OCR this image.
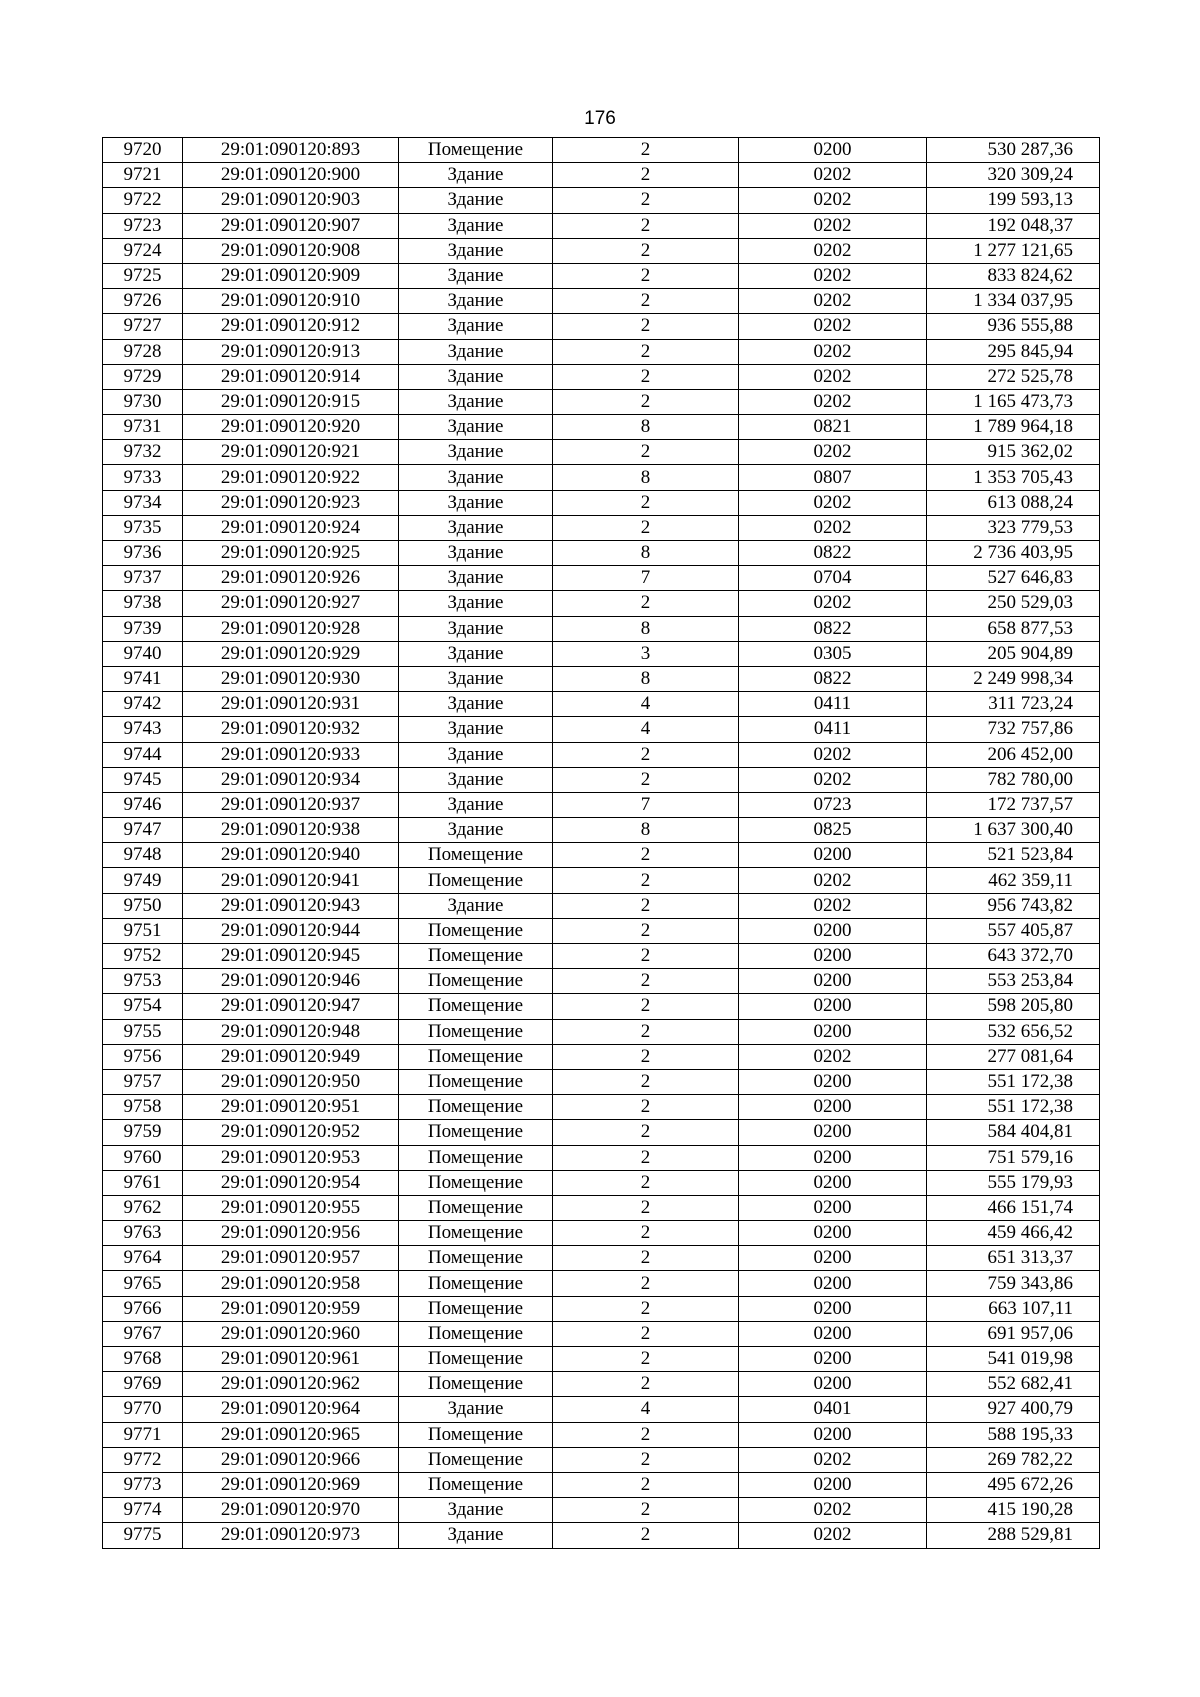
176
9720	29:01:090120:893	Помещение	2	0200	530 287,36
9721	29:01:090120:900	Здание	2	0202	320 309,24
9722	29:01:090120:903	Здание	2	0202	199 593,13
9723	29:01:090120:907	Здание	2	0202	192 048,37
9724	29:01:090120:908	Здание	2	0202	1 277 121,65
9725	29:01:090120:909	Здание	2	0202	833 824,62
9726	29:01:090120:910	Здание	2	0202	1 334 037,95
9727	29:01:090120:912	Здание	2	0202	936 555,88
9728	29:01:090120:913	Здание	2	0202	295 845,94
9729	29:01:090120:914	Здание	2	0202	272 525,78
9730	29:01:090120:915	Здание	2	0202	1 165 473,73
9731	29:01:090120:920	Здание	8	0821	1 789 964,18
9732	29:01:090120:921	Здание	2	0202	915 362,02
9733	29:01:090120:922	Здание	8	0807	1 353 705,43
9734	29:01:090120:923	Здание	2	0202	613 088,24
9735	29:01:090120:924	Здание	2	0202	323 779,53
9736	29:01:090120:925	Здание	8	0822	2 736 403,95
9737	29:01:090120:926	Здание	7	0704	527 646,83
9738	29:01:090120:927	Здание	2	0202	250 529,03
9739	29:01:090120:928	Здание	8	0822	658 877,53
9740	29:01:090120:929	Здание	3	0305	205 904,89
9741	29:01:090120:930	Здание	8	0822	2 249 998,34
9742	29:01:090120:931	Здание	4	0411	311 723,24
9743	29:01:090120:932	Здание	4	0411	732 757,86
9744	29:01:090120:933	Здание	2	0202	206 452,00
9745	29:01:090120:934	Здание	2	0202	782 780,00
9746	29:01:090120:937	Здание	7	0723	172 737,57
9747	29:01:090120:938	Здание	8	0825	1 637 300,40
9748	29:01:090120:940	Помещение	2	0200	521 523,84
9749	29:01:090120:941	Помещение	2	0202	462 359,11
9750	29:01:090120:943	Здание	2	0202	956 743,82
9751	29:01:090120:944	Помещение	2	0200	557 405,87
9752	29:01:090120:945	Помещение	2	0200	643 372,70
9753	29:01:090120:946	Помещение	2	0200	553 253,84
9754	29:01:090120:947	Помещение	2	0200	598 205,80
9755	29:01:090120:948	Помещение	2	0200	532 656,52
9756	29:01:090120:949	Помещение	2	0202	277 081,64
9757	29:01:090120:950	Помещение	2	0200	551 172,38
9758	29:01:090120:951	Помещение	2	0200	551 172,38
9759	29:01:090120:952	Помещение	2	0200	584 404,81
9760	29:01:090120:953	Помещение	2	0200	751 579,16
9761	29:01:090120:954	Помещение	2	0200	555 179,93
9762	29:01:090120:955	Помещение	2	0200	466 151,74
9763	29:01:090120:956	Помещение	2	0200	459 466,42
9764	29:01:090120:957	Помещение	2	0200	651 313,37
9765	29:01:090120:958	Помещение	2	0200	759 343,86
9766	29:01:090120:959	Помещение	2	0200	663 107,11
9767	29:01:090120:960	Помещение	2	0200	691 957,06
9768	29:01:090120:961	Помещение	2	0200	541 019,98
9769	29:01:090120:962	Помещение	2	0200	552 682,41
9770	29:01:090120:964	Здание	4	0401	927 400,79
9771	29:01:090120:965	Помещение	2	0200	588 195,33
9772	29:01:090120:966	Помещение	2	0202	269 782,22
9773	29:01:090120:969	Помещение	2	0200	495 672,26
9774	29:01:090120:970	Здание	2	0202	415 190,28
9775	29:01:090120:973	Здание	2	0202	288 529,81
